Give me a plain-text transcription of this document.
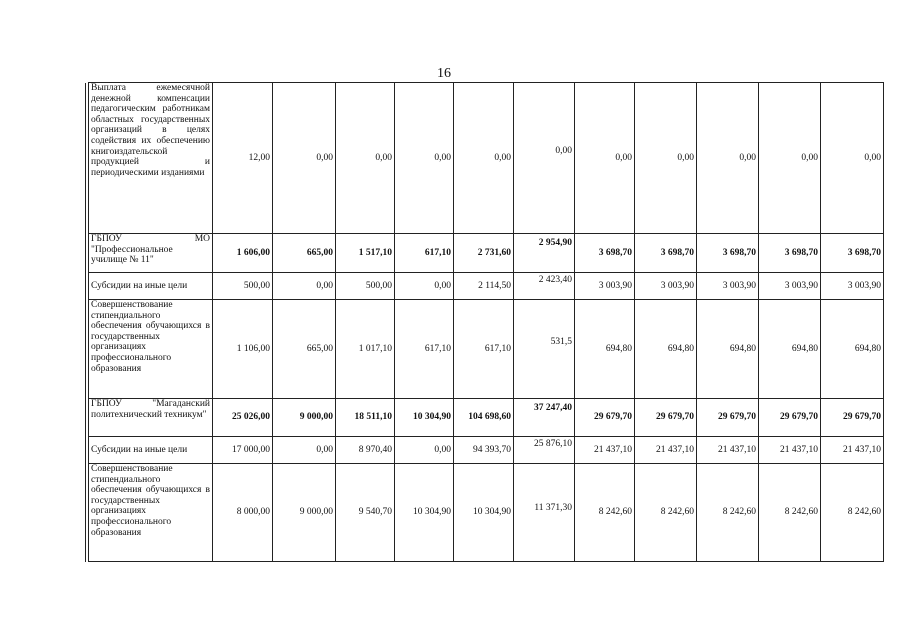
16
	Выплата ежемесячной денежной компенсации педагогическим работникам областных государственных организаций в целях содействия их обеспечению книгоиздательской продукцией и периодическими изданиями	12,00	0,00	0,00	0,00	0,00	0,00	0,00	0,00	0,00	0,00	0,00
	ГБПОУ МО "Профессиональное училище № 11"	1 606,00	665,00	1 517,10	617,10	2 731,60	2 954,90	3 698,70	3 698,70	3 698,70	3 698,70	3 698,70
	Субсидии на иные цели	500,00	0,00	500,00	0,00	2 114,50	2 423,40	3 003,90	3 003,90	3 003,90	3 003,90	3 003,90
	Совершенствование стипендиального обеспечения обучающихся в государственных организациях профессионального образования	1 106,00	665,00	1 017,10	617,10	617,10	531,5	694,80	694,80	694,80	694,80	694,80
	ГБПОУ "Магаданский политехнический техникум"	25 026,00	9 000,00	18 511,10	10 304,90	104 698,60	37 247,40	29 679,70	29 679,70	29 679,70	29 679,70	29 679,70
	Субсидии на иные цели	17 000,00	0,00	8 970,40	0,00	94 393,70	25 876,10	21 437,10	21 437,10	21 437,10	21 437,10	21 437,10
	Совершенствование стипендиального обеспечения обучающихся в государственных организациях профессионального образования	8 000,00	9 000,00	9 540,70	10 304,90	10 304,90	11 371,30	8 242,60	8 242,60	8 242,60	8 242,60	8 242,60
